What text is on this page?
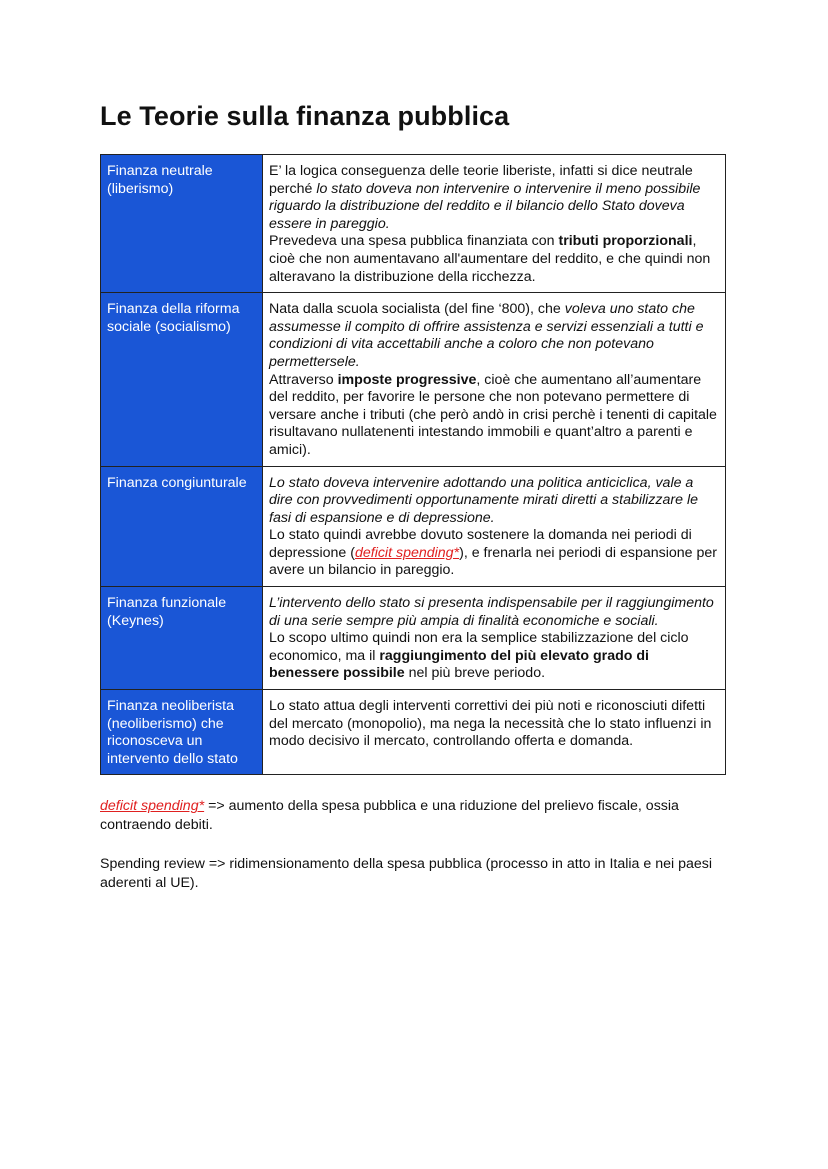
Le Teorie sulla finanza pubblica
Finanza neutrale (liberismo)	E’ la logica conseguenza delle teorie liberiste, infatti si dice neutrale perché lo stato doveva non intervenire o intervenire il meno possibile riguardo la distribuzione del reddito e il bilancio dello Stato doveva essere in pareggio.
Prevedeva una spesa pubblica finanziata con tributi proporzionali, cioè che non aumentavano all'aumentare del reddito, e che quindi non alteravano la distribuzione della ricchezza.
Finanza della riforma sociale (socialismo)	Nata dalla scuola socialista (del fine ‘800), che voleva uno stato che assumesse il compito di offrire assistenza e servizi essenziali a tutti e condizioni di vita accettabili anche a coloro che non potevano permettersele.
Attraverso imposte progressive, cioè che aumentano all’aumentare del reddito, per favorire le persone che non potevano permettere di versare anche i tributi (che però andò in crisi perchè i tenenti di capitale risultavano nullatenenti intestando immobili e quant’altro a parenti e amici).
Finanza congiunturale	Lo stato doveva intervenire adottando una politica anticiclica, vale a dire con provvedimenti opportunamente mirati diretti a stabilizzare le fasi di espansione e di depressione.
Lo stato quindi avrebbe dovuto sostenere la domanda nei periodi di depressione (deficit spending*), e frenarla nei periodi di espansione per avere un bilancio in pareggio.
Finanza funzionale (Keynes)	L’intervento dello stato si presenta indispensabile per il raggiungimento di una serie sempre più ampia di finalità economiche e sociali.
Lo scopo ultimo quindi non era la semplice stabilizzazione del ciclo economico, ma il raggiungimento del più elevato grado di benessere possibile nel più breve periodo.
Finanza neoliberista (neoliberismo) che riconosceva un intervento dello stato	Lo stato attua degli interventi correttivi dei più noti e riconosciuti difetti del mercato (monopolio), ma nega la necessità che lo stato influenzi in modo decisivo il mercato, controllando offerta e domanda.

deficit spending* => aumento della spesa pubblica e una riduzione del prelievo fiscale, ossia contraendo debiti.

Spending review => ridimensionamento della spesa pubblica (processo in atto in Italia e nei paesi aderenti al UE).
